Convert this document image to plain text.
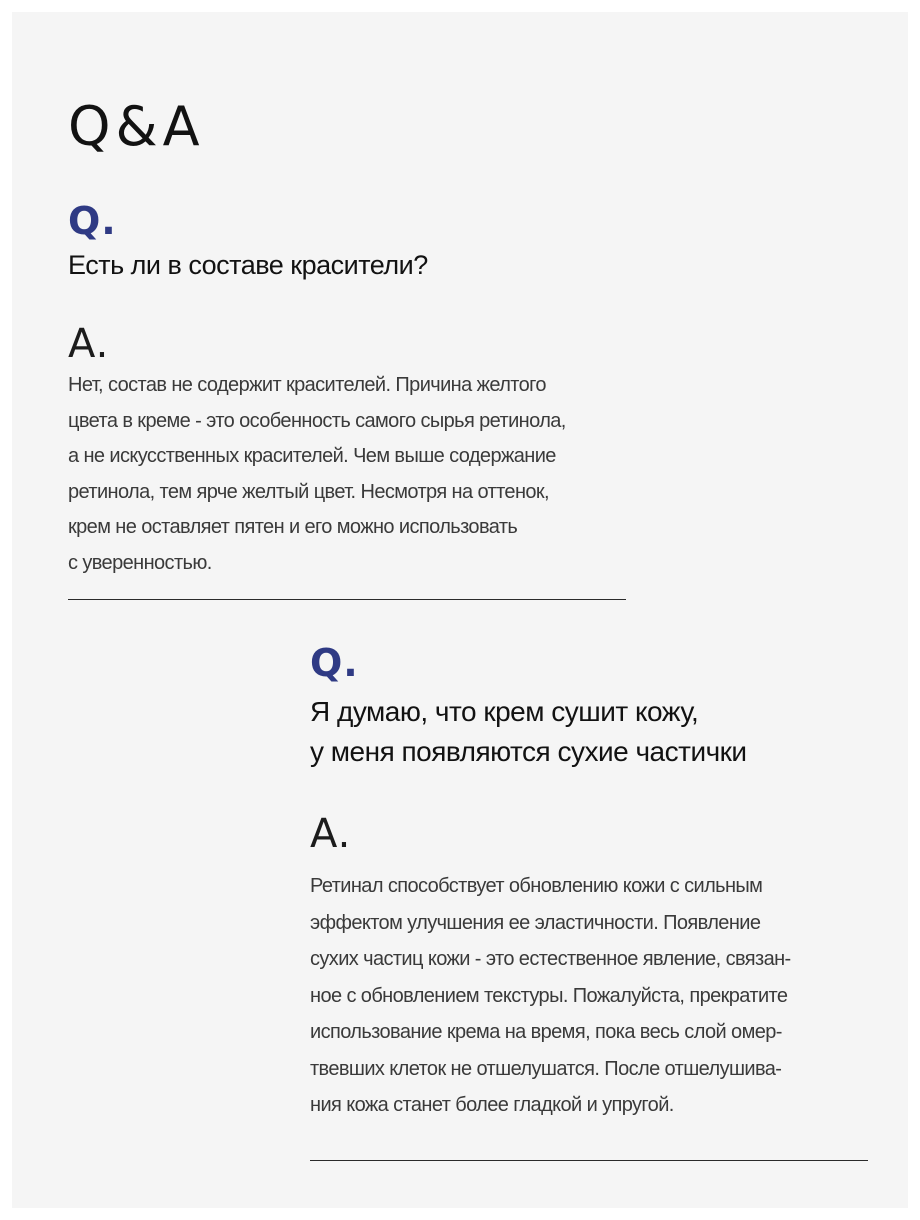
Q&A

Q.

Есть ли в составе красители?

A.

Нет, состав не содержит красителей. Причина желтого
цвета в креме - это особенность самого сырья ретинола,
а не искусственных красителей. Чем выше содержание
ретинола, тем ярче желтый цвет. Несмотря на оттенок,
крем не оставляет пятен и его можно использовать
с уверенностью.

Q.

Я думаю, что крем сушит кожу,
у меня появляются сухие частички

A.

Ретинал способствует обновлению кожи с сильным
эффектом улучшения ее эластичности. Появление
сухих частиц кожи - это естественное явление, связан-
ное с обновлением текстуры. Пожалуйста, прекратите
использование крема на время, пока весь слой омер-
твевших клеток не отшелушатся. После отшелушива-
ния кожа станет более гладкой и упругой.
